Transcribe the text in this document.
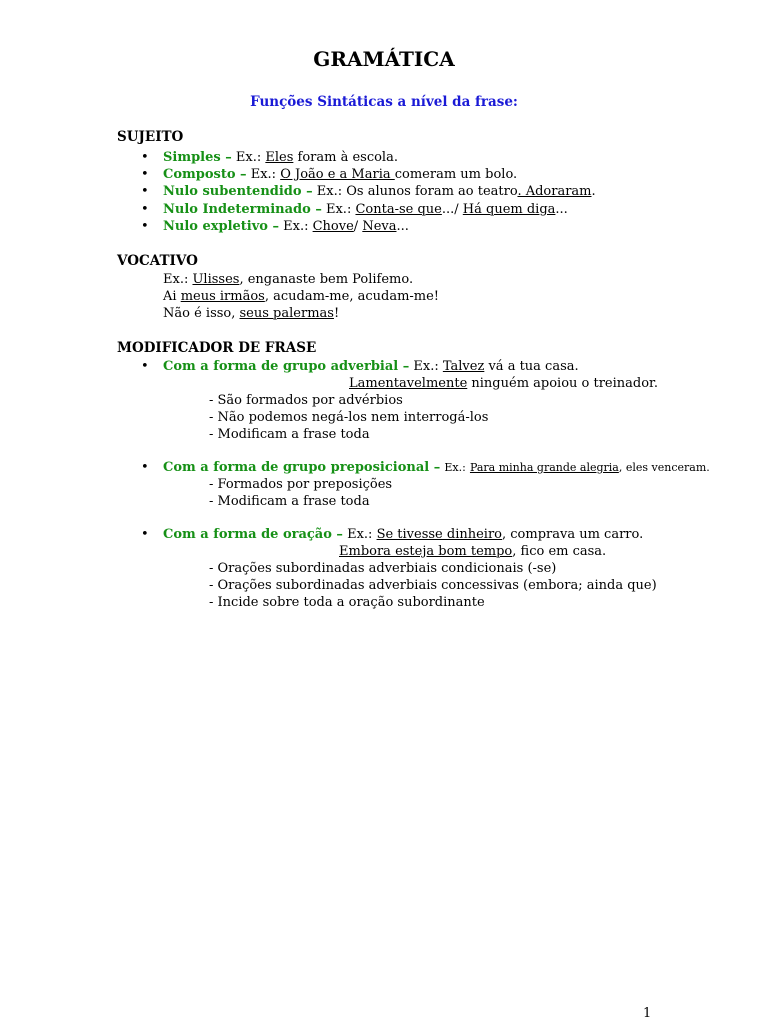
GRAMÁTICA
Funções Sintáticas a nível da frase:
SUJEITO
• Simples – Ex.: Eles foram à escola.
• Composto – Ex.: O João e a Maria comeram um bolo.
• Nulo subentendido – Ex.: Os alunos foram ao teatro. Adoraram.
• Nulo Indeterminado – Ex.: Conta-se que.../ Há quem diga...
• Nulo expletivo – Ex.: Chove/ Neva...
VOCATIVO
Ex.: Ulisses, enganaste bem Polifemo.
Ai meus irmãos, acudam-me, acudam-me!
Não é isso, seus palermas!
MODIFICADOR DE FRASE
• Com a forma de grupo adverbial – Ex.: Talvez vá a tua casa.
Lamentavelmente ninguém apoiou o treinador.
- São formados por advérbios
- Não podemos negá-los nem interrogá-los
- Modificam a frase toda
• Com a forma de grupo preposicional – Ex.: Para minha grande alegria, eles venceram.
- Formados por preposições
- Modificam a frase toda
• Com a forma de oração – Ex.: Se tivesse dinheiro, comprava um carro.
Embora esteja bom tempo, fico em casa.
- Orações subordinadas adverbiais condicionais (-se)
- Orações subordinadas adverbiais concessivas (embora; ainda que)
- Incide sobre toda a oração subordinante
1
